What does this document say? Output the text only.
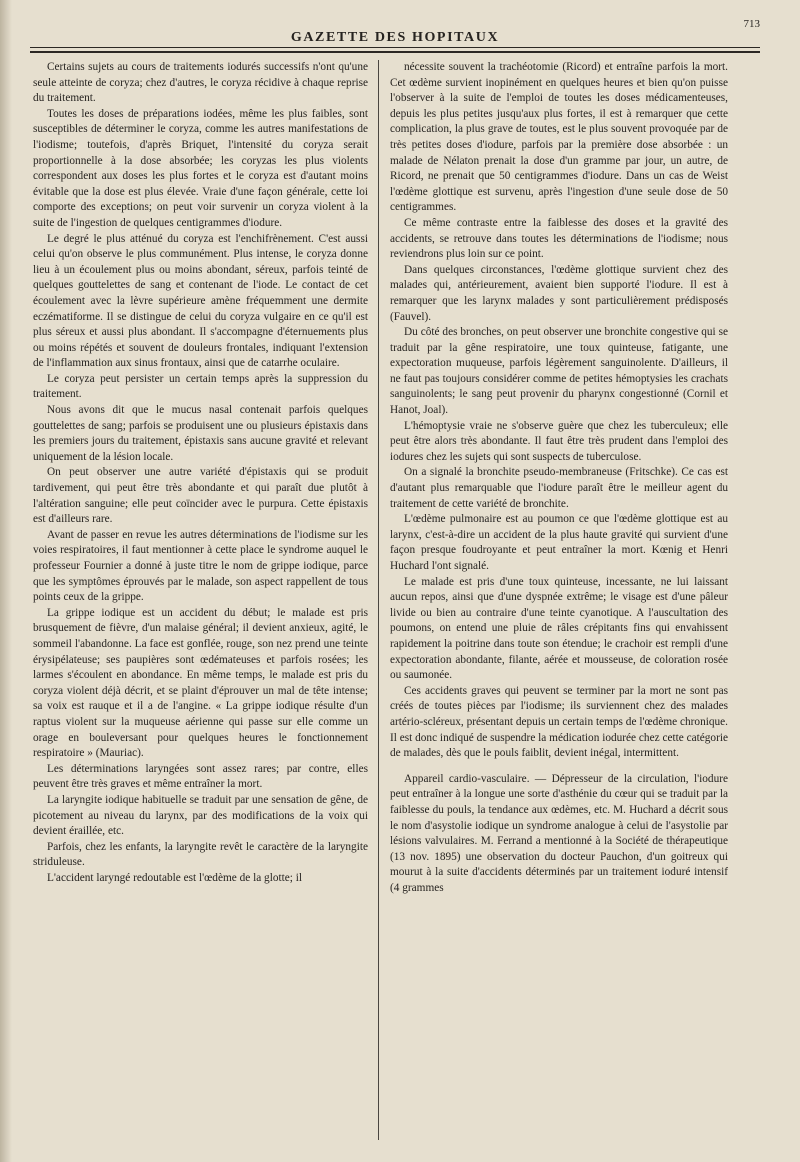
GAZETTE DES HOPITAUX
713

Certains sujets au cours de traitements iodurés successifs n'ont qu'une seule atteinte de coryza; chez d'autres, le coryza récidive à chaque reprise du traitement.

Toutes les doses de préparations iodées, même les plus faibles, sont susceptibles de déterminer le coryza, comme les autres manifestations de l'iodisme; toutefois, d'après Briquet, l'intensité du coryza serait proportionnelle à la dose absorbée; les coryzas les plus violents correspondent aux doses les plus fortes et le coryza est d'autant moins évitable que la dose est plus élevée. Vraie d'une façon générale, cette loi comporte des exceptions; on peut voir survenir un coryza violent à la suite de l'ingestion de quelques centigrammes d'iodure.

Le degré le plus atténué du coryza est l'enchifrènement. C'est aussi celui qu'on observe le plus communément. Plus intense, le coryza donne lieu à un écoulement plus ou moins abondant, séreux, parfois teinté de quelques gouttelettes de sang et contenant de l'iode. Le contact de cet écoulement avec la lèvre supérieure amène fréquemment une dermite eczématiforme. Il se distingue de celui du coryza vulgaire en ce qu'il est plus séreux et aussi plus abondant. Il s'accompagne d'éternuements plus ou moins répétés et souvent de douleurs frontales, indiquant l'extension de l'inflammation aux sinus frontaux, ainsi que de catarrhe oculaire.

Le coryza peut persister un certain temps après la suppression du traitement.

Nous avons dit que le mucus nasal contenait parfois quelques gouttelettes de sang; parfois se produisent une ou plusieurs épistaxis dans les premiers jours du traitement, épistaxis sans aucune gravité et relevant uniquement de la lésion locale.

On peut observer une autre variété d'épistaxis qui se produit tardivement, qui peut être très abondante et qui paraît due plutôt à l'altération sanguine; elle peut coïncider avec le purpura. Cette épistaxis est d'ailleurs rare.

Avant de passer en revue les autres déterminations de l'iodisme sur les voies respiratoires, il faut mentionner à cette place le syndrome auquel le professeur Fournier a donné à juste titre le nom de grippe iodique, parce que les symptômes éprouvés par le malade, son aspect rappellent de tous points ceux de la grippe.

La grippe iodique est un accident du début; le malade est pris brusquement de fièvre, d'un malaise général; il devient anxieux, agité, le sommeil l'abandonne. La face est gonflée, rouge, son nez prend une teinte érysipélateuse; ses paupières sont œdémateuses et parfois rosées; les larmes s'écoulent en abondance. En même temps, le malade est pris du coryza violent déjà décrit, et se plaint d'éprouver un mal de tête intense; sa voix est rauque et il a de l'angine. « La grippe iodique résulte d'un raptus violent sur la muqueuse aérienne qui passe sur elle comme un orage en bouleversant pour quelques heures le fonctionnement respiratoire » (Mauriac).

Les déterminations laryngées sont assez rares; par contre, elles peuvent être très graves et même entraîner la mort.

La laryngite iodique habituelle se traduit par une sensation de gêne, de picotement au niveau du larynx, par des modifications de la voix qui devient éraillée, etc.

Parfois, chez les enfants, la laryngite revêt le caractère de la laryngite striduleuse.

L'accident laryngé redoutable est l'œdème de la glotte; il

nécessite souvent la trachéotomie (Ricord) et entraîne parfois la mort. Cet œdème survient inopinément en quelques heures et bien qu'on puisse l'observer à la suite de l'emploi de toutes les doses médicamenteuses, depuis les plus petites jusqu'aux plus fortes, il est à remarquer que cette complication, la plus grave de toutes, est le plus souvent provoquée par de très petites doses d'iodure, parfois par la première dose absorbée : un malade de Nélaton prenait la dose d'un gramme par jour, un autre, de Ricord, ne prenait que 50 centigrammes d'iodure. Dans un cas de Weist l'œdème glottique est survenu, après l'ingestion d'une seule dose de 50 centigrammes.

Ce même contraste entre la faiblesse des doses et la gravité des accidents, se retrouve dans toutes les déterminations de l'iodisme; nous reviendrons plus loin sur ce point.

Dans quelques circonstances, l'œdème glottique survient chez des malades qui, antérieurement, avaient bien supporté l'iodure. Il est à remarquer que les larynx malades y sont particulièrement prédisposés (Fauvel).

Du côté des bronches, on peut observer une bronchite congestive qui se traduit par la gêne respiratoire, une toux quinteuse, fatigante, une expectoration muqueuse, parfois légèrement sanguinolente. D'ailleurs, il ne faut pas toujours considérer comme de petites hémoptysies les crachats sanguinolents; le sang peut provenir du pharynx congestionné (Cornil et Hanot, Joal).

L'hémoptysie vraie ne s'observe guère que chez les tuberculeux; elle peut être alors très abondante. Il faut être très prudent dans l'emploi des iodures chez les sujets qui sont suspects de tuberculose.

On a signalé la bronchite pseudo-membraneuse (Fritschke). Ce cas est d'autant plus remarquable que l'iodure paraît être le meilleur agent du traitement de cette variété de bronchite.

L'œdème pulmonaire est au poumon ce que l'œdème glottique est au larynx, c'est-à-dire un accident de la plus haute gravité qui survient d'une façon presque foudroyante et peut entraîner la mort. Kœnig et Henri Huchard l'ont signalé.

Le malade est pris d'une toux quinteuse, incessante, ne lui laissant aucun repos, ainsi que d'une dyspnée extrême; le visage est d'une pâleur livide ou bien au contraire d'une teinte cyanotique. A l'auscultation des poumons, on entend une pluie de râles crépitants fins qui envahissent rapidement la poitrine dans toute son étendue; le crachoir est rempli d'une expectoration abondante, filante, aérée et mousseuse, de coloration rosée ou saumonée.

Ces accidents graves qui peuvent se terminer par la mort ne sont pas créés de toutes pièces par l'iodisme; ils surviennent chez des malades artério-scléreux, présentant depuis un certain temps de l'œdème chronique. Il est donc indiqué de suspendre la médication iodurée chez cette catégorie de malades, dès que le pouls faiblit, devient inégal, intermittent.

Appareil cardio-vasculaire. — Dépresseur de la circulation, l'iodure peut entraîner à la longue une sorte d'asthénie du cœur qui se traduit par la faiblesse du pouls, la tendance aux œdèmes, etc. M. Huchard a décrit sous le nom d'asystolie iodique un syndrome analogue à celui de l'asystolie par lésions valvulaires. M. Ferrand a mentionné à la Société de thérapeutique (13 nov. 1895) une observation du docteur Pauchon, d'un goitreux qui mourut à la suite d'accidents déterminés par un traitement ioduré intensif (4 grammes
